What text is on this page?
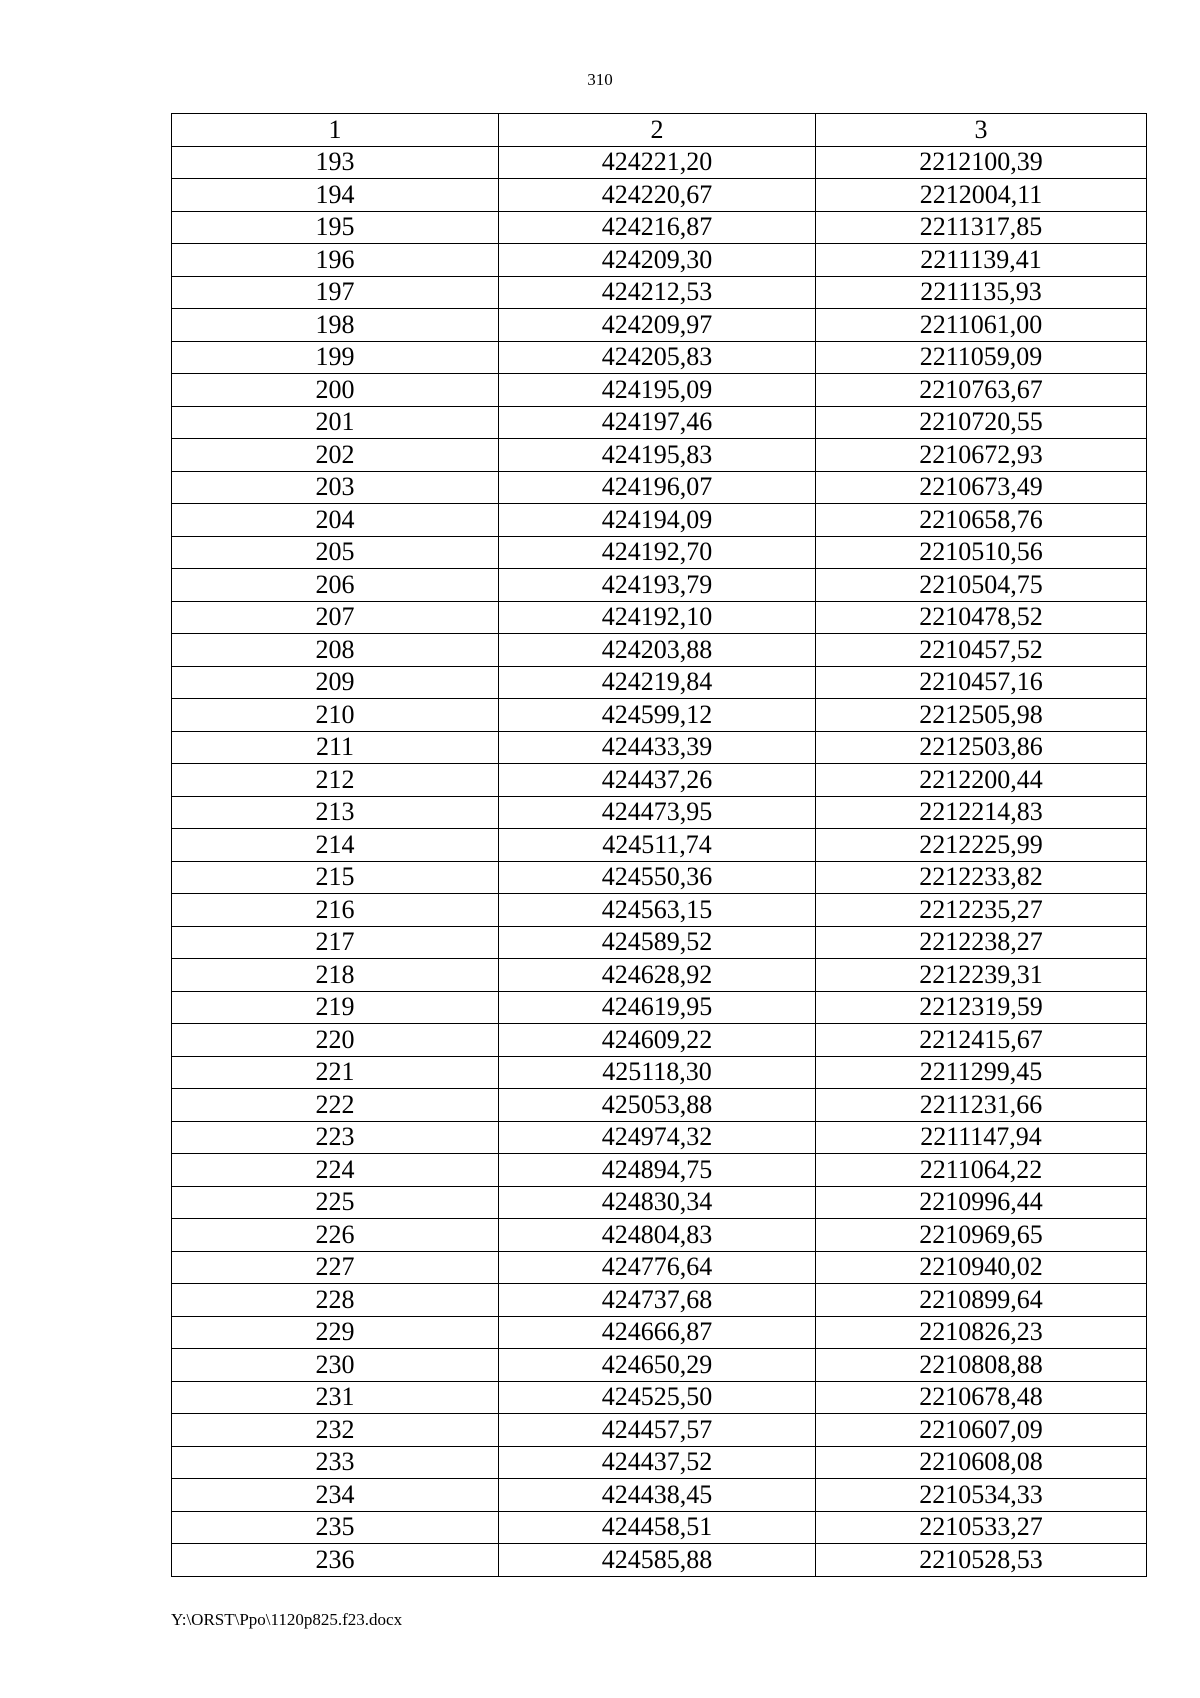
310
1	2	3
193	424221,20	2212100,39
194	424220,67	2212004,11
195	424216,87	2211317,85
196	424209,30	2211139,41
197	424212,53	2211135,93
198	424209,97	2211061,00
199	424205,83	2211059,09
200	424195,09	2210763,67
201	424197,46	2210720,55
202	424195,83	2210672,93
203	424196,07	2210673,49
204	424194,09	2210658,76
205	424192,70	2210510,56
206	424193,79	2210504,75
207	424192,10	2210478,52
208	424203,88	2210457,52
209	424219,84	2210457,16
210	424599,12	2212505,98
211	424433,39	2212503,86
212	424437,26	2212200,44
213	424473,95	2212214,83
214	424511,74	2212225,99
215	424550,36	2212233,82
216	424563,15	2212235,27
217	424589,52	2212238,27
218	424628,92	2212239,31
219	424619,95	2212319,59
220	424609,22	2212415,67
221	425118,30	2211299,45
222	425053,88	2211231,66
223	424974,32	2211147,94
224	424894,75	2211064,22
225	424830,34	2210996,44
226	424804,83	2210969,65
227	424776,64	2210940,02
228	424737,68	2210899,64
229	424666,87	2210826,23
230	424650,29	2210808,88
231	424525,50	2210678,48
232	424457,57	2210607,09
233	424437,52	2210608,08
234	424438,45	2210534,33
235	424458,51	2210533,27
236	424585,88	2210528,53
Y:\ORST\Ppo\1120p825.f23.docx
